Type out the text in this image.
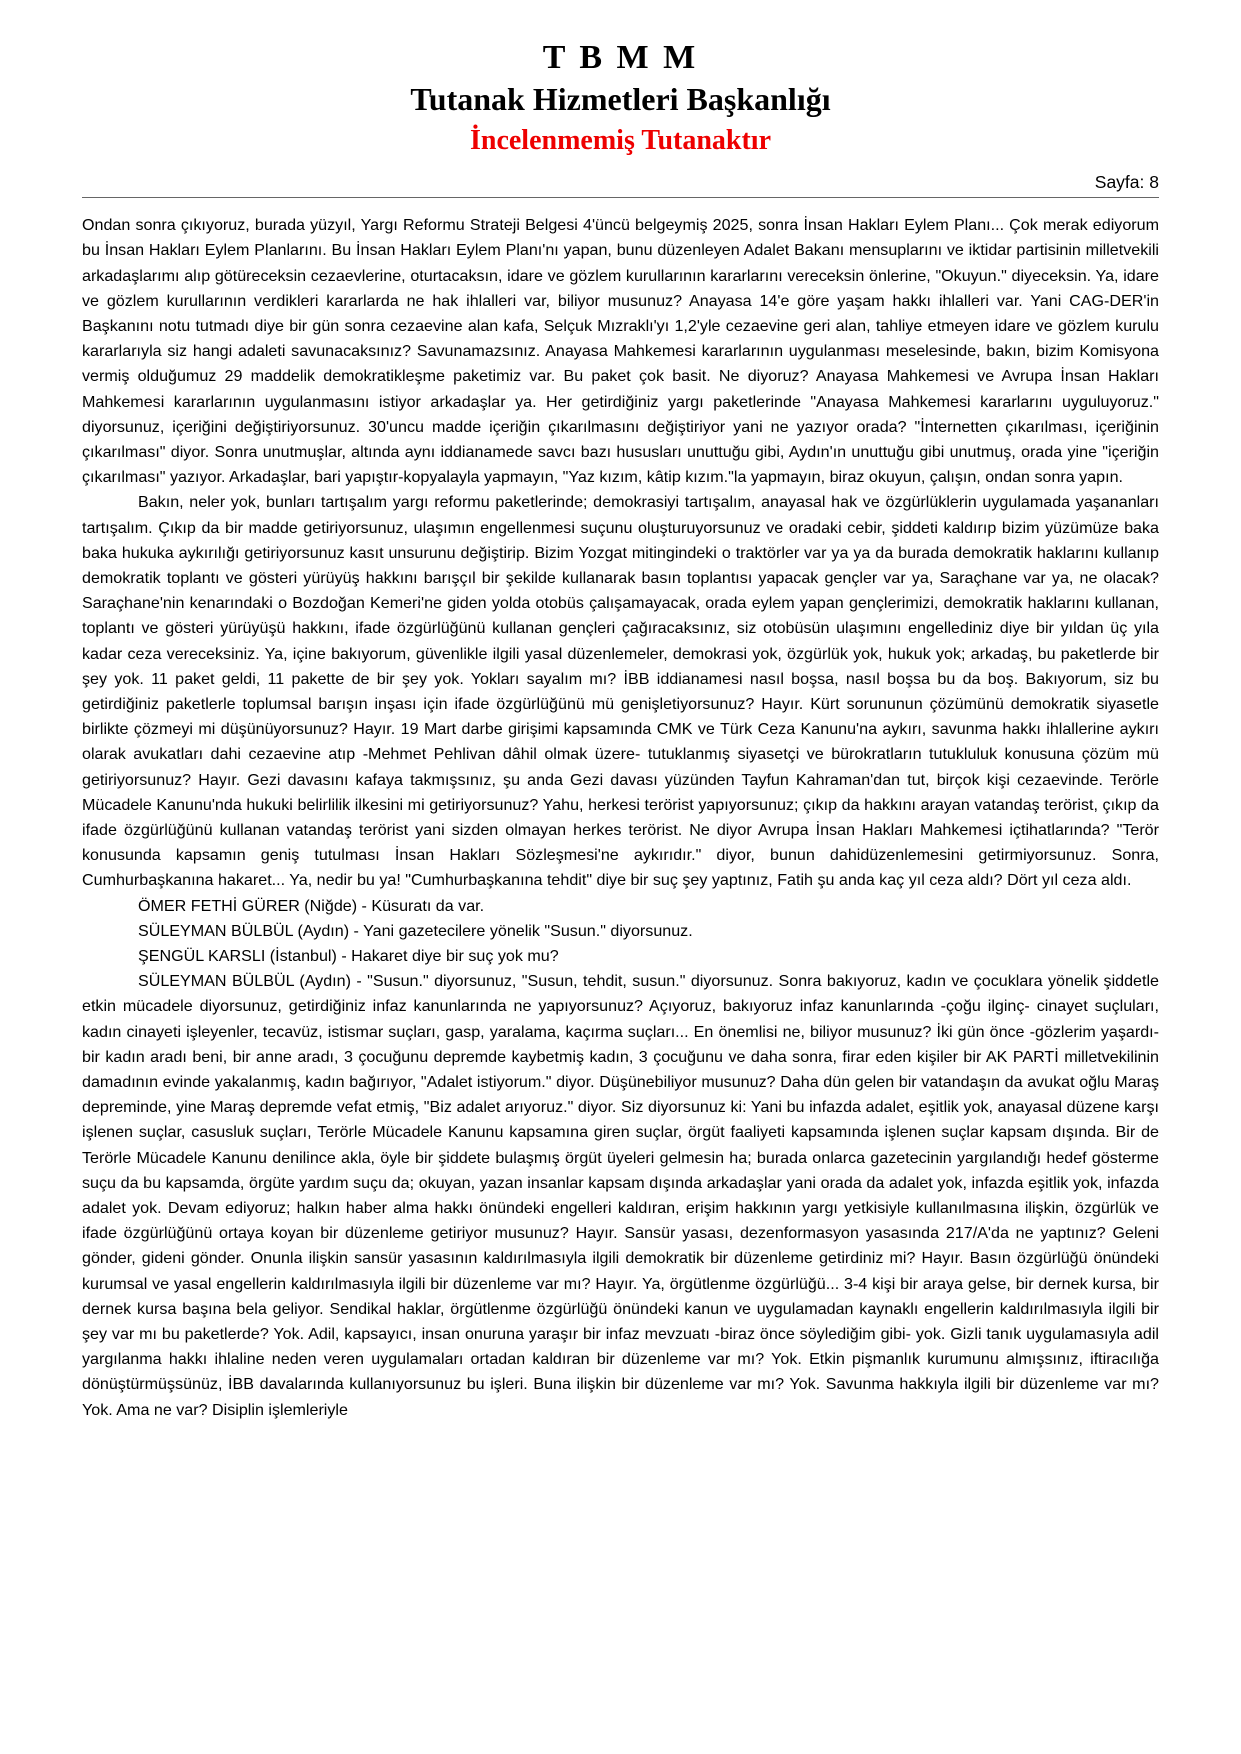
T B M M
Tutanak Hizmetleri Başkanlığı
İncelenmemiş Tutanaktır
Sayfa: 8

Ondan sonra çıkıyoruz, burada yüzyıl, Yargı Reformu Strateji Belgesi 4'üncü belgeymiş 2025, sonra İnsan Hakları Eylem Planı... Çok merak ediyorum bu İnsan Hakları Eylem Planlarını. Bu İnsan Hakları Eylem Planı'nı yapan, bunu düzenleyen Adalet Bakanı mensuplarını ve iktidar partisinin milletvekili arkadaşlarımı alıp götüreceksin cezaevlerine, oturtacaksın, idare ve gözlem kurullarının kararlarını vereceksin önlerine, "Okuyun." diyeceksin. Ya, idare ve gözlem kurullarının verdikleri kararlarda ne hak ihlalleri var, biliyor musunuz? Anayasa 14'e göre yaşam hakkı ihlalleri var. Yani CAG-DER'in Başkanını notu tutmadı diye bir gün sonra cezaevine alan kafa, Selçuk Mızraklı'yı 1,2'yle cezaevine geri alan, tahliye etmeyen idare ve gözlem kurulu kararlarıyla siz hangi adaleti savunacaksınız? Savunamazsınız. Anayasa Mahkemesi kararlarının uygulanması meselesinde, bakın, bizim Komisyona vermiş olduğumuz 29 maddelik demokratikleşme paketimiz var. Bu paket çok basit. Ne diyoruz? Anayasa Mahkemesi ve Avrupa İnsan Hakları Mahkemesi kararlarının uygulanmasını istiyor arkadaşlar ya. Her getirdiğiniz yargı paketlerinde "Anayasa Mahkemesi kararlarını uyguluyoruz." diyorsunuz, içeriğini değiştiriyorsunuz. 30'uncu madde içeriğin çıkarılmasını değiştiriyor yani ne yazıyor orada? "İnternetten çıkarılması, içeriğinin çıkarılması" diyor. Sonra unutmuşlar, altında aynı iddianamede savcı bazı hususları unuttuğu gibi, Aydın'ın unuttuğu gibi unutmuş, orada yine "içeriğin çıkarılması" yazıyor. Arkadaşlar, bari yapıştır-kopyalayla yapmayın, "Yaz kızım, kâtip kızım."la yapmayın, biraz okuyun, çalışın, ondan sonra yapın.

Bakın, neler yok, bunları tartışalım yargı reformu paketlerinde; demokrasiyi tartışalım, anayasal hak ve özgürlüklerin uygulamada yaşananları tartışalım. Çıkıp da bir madde getiriyorsunuz, ulaşımın engellenmesi suçunu oluşturuyorsunuz ve oradaki cebir, şiddeti kaldırıp bizim yüzümüze baka baka hukuka aykırılığı getiriyorsunuz kasıt unsurunu değiştirip. Bizim Yozgat mitingindeki o traktörler var ya ya da burada demokratik haklarını kullanıp demokratik toplantı ve gösteri yürüyüş hakkını barışçıl bir şekilde kullanarak basın toplantısı yapacak gençler var ya, Saraçhane var ya, ne olacak? Saraçhane'nin kenarındaki o Bozdoğan Kemeri'ne giden yolda otobüs çalışamayacak, orada eylem yapan gençlerimizi, demokratik haklarını kullanan, toplantı ve gösteri yürüyüşü hakkını, ifade özgürlüğünü kullanan gençleri çağıracaksınız, siz otobüsün ulaşımını engellediniz diye bir yıldan üç yıla kadar ceza vereceksiniz. Ya, içine bakıyorum, güvenlikle ilgili yasal düzenlemeler, demokrasi yok, özgürlük yok, hukuk yok; arkadaş, bu paketlerde bir şey yok. 11 paket geldi, 11 pakette de bir şey yok. Yokları sayalım mı? İBB iddianamesi nasıl boşsa, nasıl boşsa bu da boş. Bakıyorum, siz bu getirdiğiniz paketlerle toplumsal barışın inşası için ifade özgürlüğünü mü genişletiyorsunuz? Hayır. Kürt sorununun çözümünü demokratik siyasetle birlikte çözmeyi mi düşünüyorsunuz? Hayır. 19 Mart darbe girişimi kapsamında CMK ve Türk Ceza Kanunu'na aykırı, savunma hakkı ihlallerine aykırı olarak avukatları dahi cezaevine atıp -Mehmet Pehlivan dâhil olmak üzere- tutuklanmış siyasetçi ve bürokratların tutukluluk konusuna çözüm mü getiriyorsunuz? Hayır. Gezi davasını kafaya takmışsınız, şu anda Gezi davası yüzünden Tayfun Kahraman'dan tut, birçok kişi cezaevinde. Terörle Mücadele Kanunu'nda hukuki belirlilik ilkesini mi getiriyorsunuz? Yahu, herkesi terörist yapıyorsunuz; çıkıp da hakkını arayan vatandaş terörist, çıkıp da ifade özgürlüğünü kullanan vatandaş terörist yani sizden olmayan herkes terörist. Ne diyor Avrupa İnsan Hakları Mahkemesi içtihatlarında? "Terör konusunda kapsamın geniş tutulması İnsan Hakları Sözleşmesi'ne aykırıdır." diyor, bunun dahidüzenlemesini getirmiyorsunuz. Sonra, Cumhurbaşkanına hakaret... Ya, nedir bu ya! "Cumhurbaşkanına tehdit" diye bir suç şey yaptınız, Fatih şu anda kaç yıl ceza aldı? Dört yıl ceza aldı.

ÖMER FETHİ GÜRER (Niğde) - Küsuratı da var.

SÜLEYMAN BÜLBÜL (Aydın) - Yani gazetecilere yönelik "Susun." diyorsunuz.

ŞENGÜL KARSLI (İstanbul) - Hakaret diye bir suç yok mu?

SÜLEYMAN BÜLBÜL (Aydın) - "Susun." diyorsunuz, "Susun, tehdit, susun." diyorsunuz. Sonra bakıyoruz, kadın ve çocuklara yönelik şiddetle etkin mücadele diyorsunuz, getirdiğiniz infaz kanunlarında ne yapıyorsunuz? Açıyoruz, bakıyoruz infaz kanunlarında -çoğu ilginç- cinayet suçluları, kadın cinayeti işleyenler, tecavüz, istismar suçları, gasp, yaralama, kaçırma suçları... En önemlisi ne, biliyor musunuz? İki gün önce -gözlerim yaşardı- bir kadın aradı beni, bir anne aradı, 3 çocuğunu depremde kaybetmiş kadın, 3 çocuğunu ve daha sonra, firar eden kişiler bir AK PARTİ milletvekilinin damadının evinde yakalanmış, kadın bağırıyor, "Adalet istiyorum." diyor. Düşünebiliyor musunuz? Daha dün gelen bir vatandaşın da avukat oğlu Maraş depreminde, yine Maraş depremde vefat etmiş, "Biz adalet arıyoruz." diyor. Siz diyorsunuz ki: Yani bu infazda adalet, eşitlik yok, anayasal düzene karşı işlenen suçlar, casusluk suçları, Terörle Mücadele Kanunu kapsamına giren suçlar, örgüt faaliyeti kapsamında işlenen suçlar kapsam dışında. Bir de Terörle Mücadele Kanunu denilince akla, öyle bir şiddete bulaşmış örgüt üyeleri gelmesin ha; burada onlarca gazetecinin yargılandığı hedef gösterme suçu da bu kapsamda, örgüte yardım suçu da; okuyan, yazan insanlar kapsam dışında arkadaşlar yani orada da adalet yok, infazda eşitlik yok, infazda adalet yok. Devam ediyoruz; halkın haber alma hakkı önündeki engelleri kaldıran, erişim hakkının yargı yetkisiyle kullanılmasına ilişkin, özgürlük ve ifade özgürlüğünü ortaya koyan bir düzenleme getiriyor musunuz? Hayır. Sansür yasası, dezenformasyon yasasında 217/A'da ne yaptınız? Geleni gönder, gideni gönder. Onunla ilişkin sansür yasasının kaldırılmasıyla ilgili demokratik bir düzenleme getirdiniz mi? Hayır. Basın özgürlüğü önündeki kurumsal ve yasal engellerin kaldırılmasıyla ilgili bir düzenleme var mı? Hayır. Ya, örgütlenme özgürlüğü... 3-4 kişi bir araya gelse, bir dernek kursa, bir dernek kursa başına bela geliyor. Sendikal haklar, örgütlenme özgürlüğü önündeki kanun ve uygulamadan kaynaklı engellerin kaldırılmasıyla ilgili bir şey var mı bu paketlerde? Yok. Adil, kapsayıcı, insan onuruna yaraşır bir infaz mevzuatı -biraz önce söylediğim gibi- yok. Gizli tanık uygulamasıyla adil yargılanma hakkı ihlaline neden veren uygulamaları ortadan kaldıran bir düzenleme var mı? Yok. Etkin pişmanlık kurumunu almışsınız, iftiracılığa dönüştürmüşsünüz, İBB davalarında kullanıyorsunuz bu işleri. Buna ilişkin bir düzenleme var mı? Yok. Savunma hakkıyla ilgili bir düzenleme var mı? Yok. Ama ne var? Disiplin işlemleriyle
